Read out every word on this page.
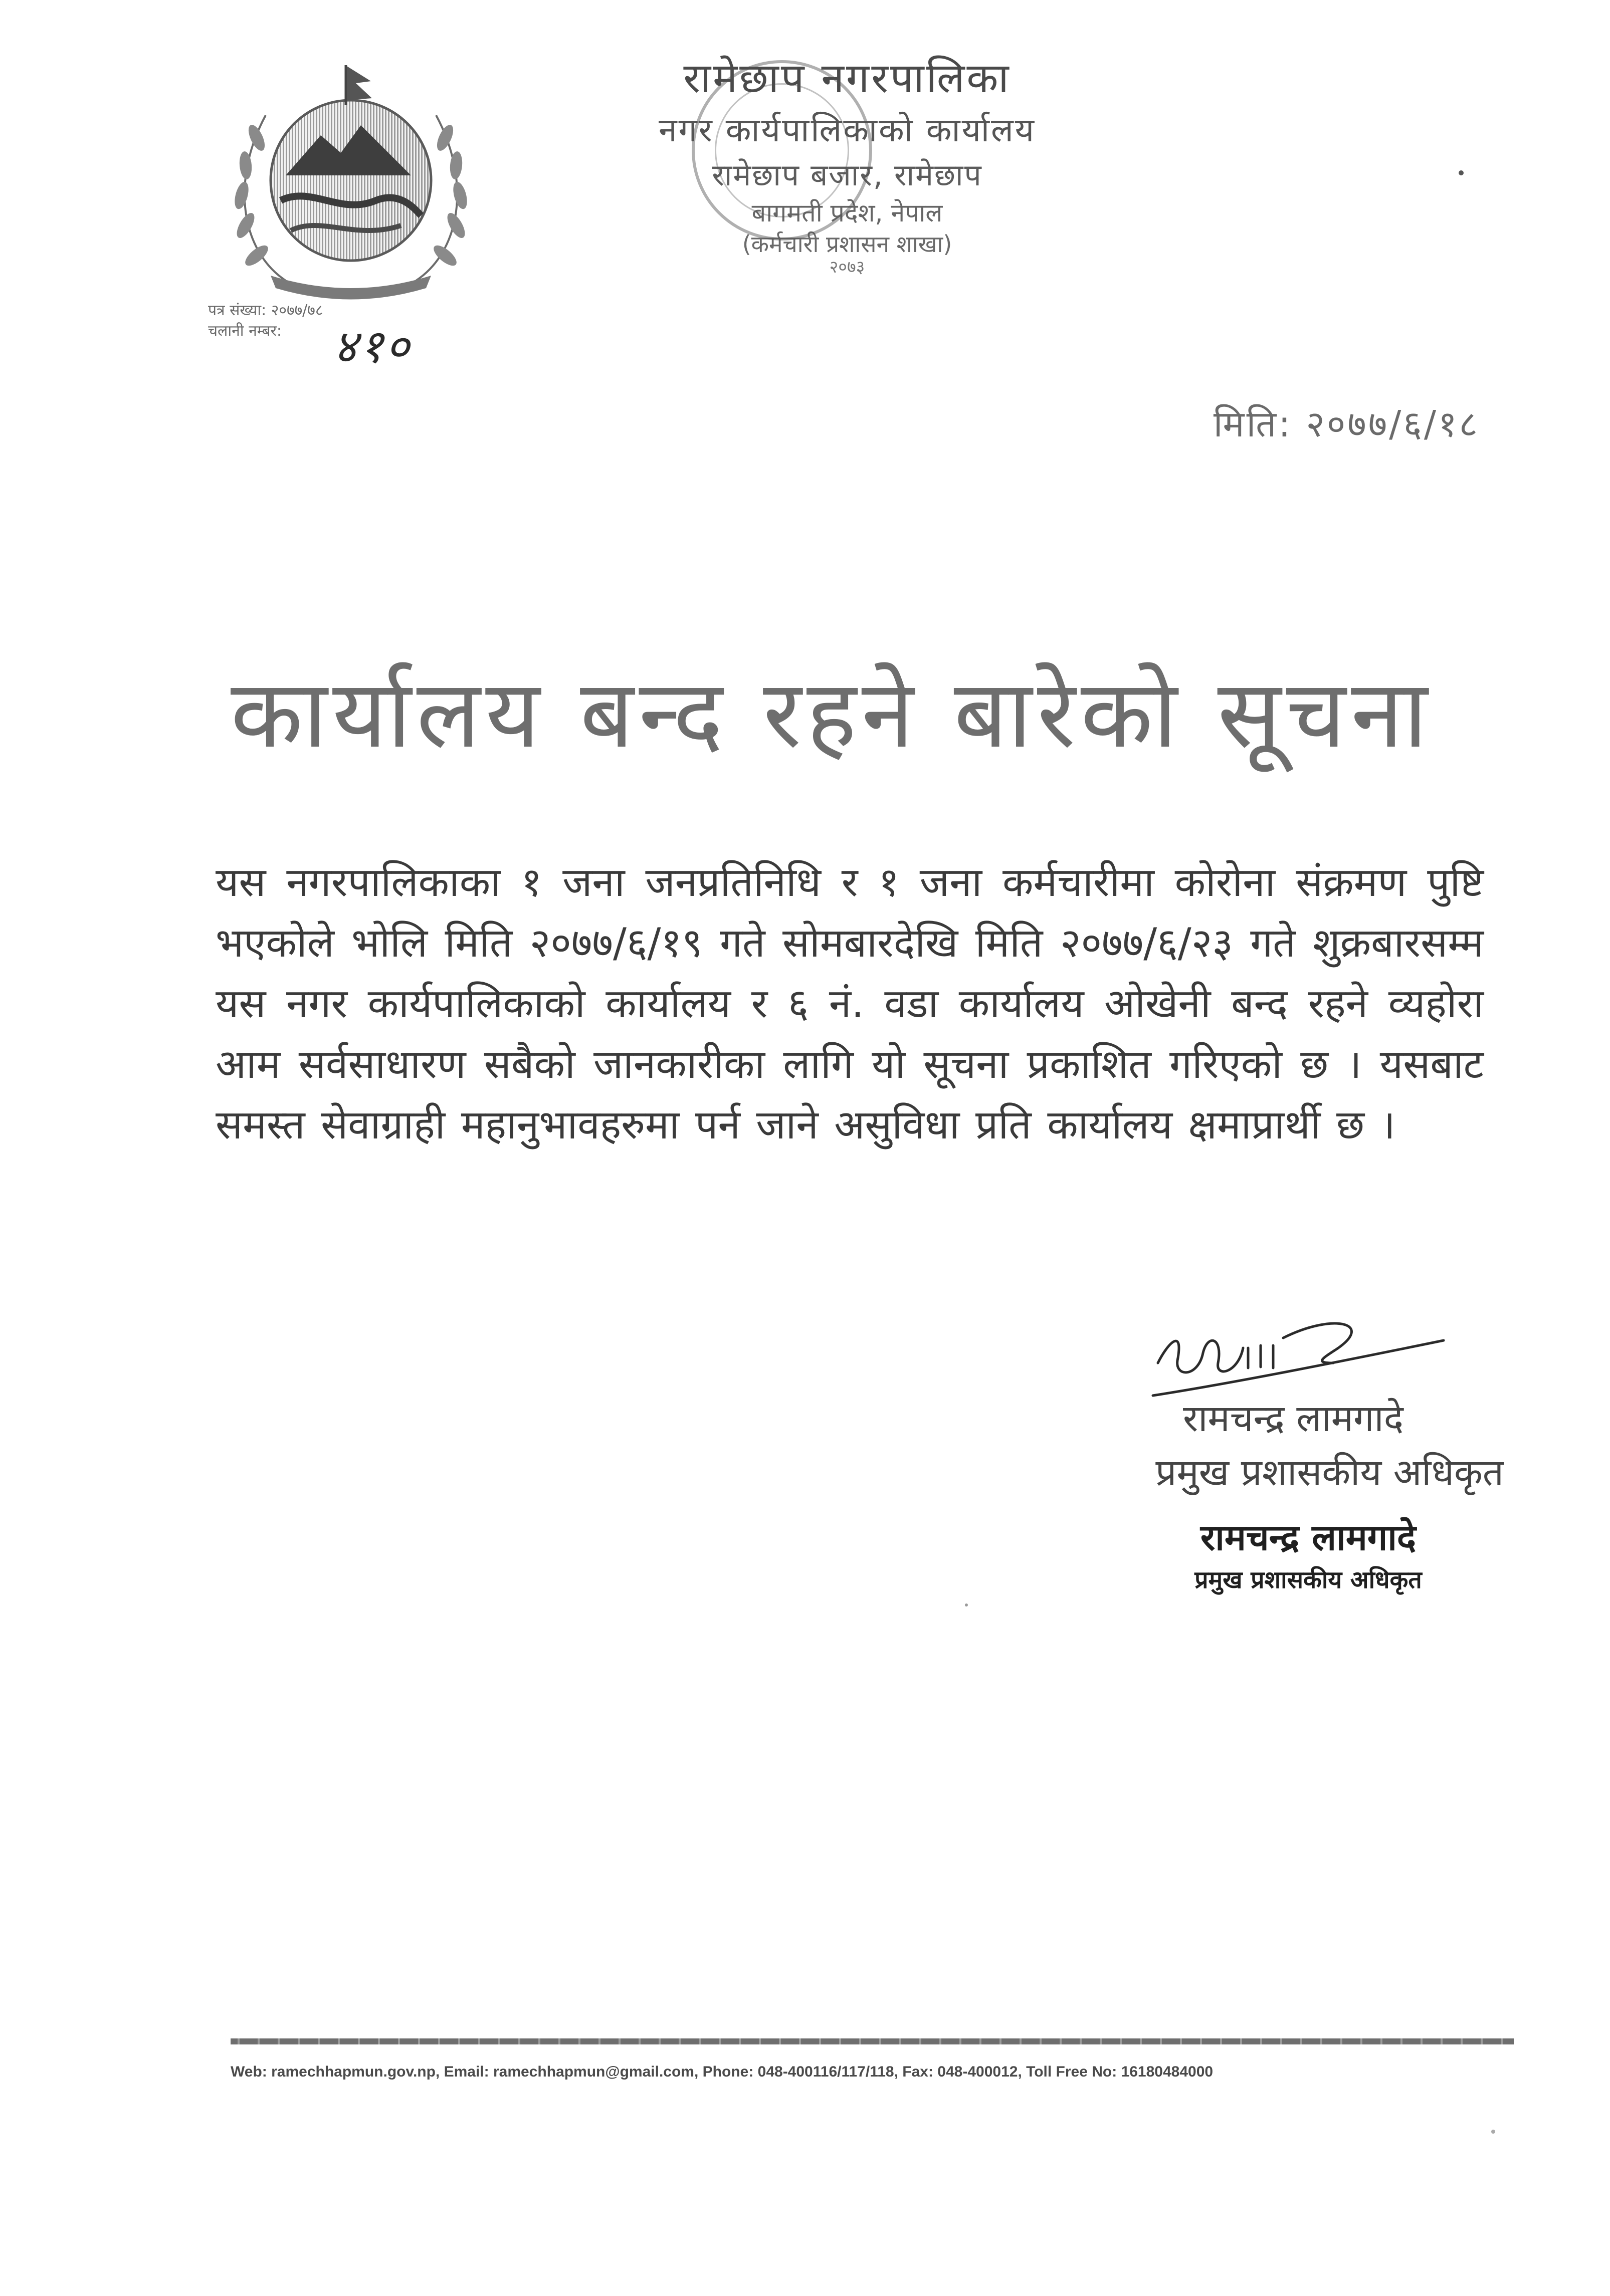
रामेछाप नगरपालिका
नगर कार्यपालिकाको कार्यालय
रामेछाप बजार, रामेछाप
बागमती प्रदेश, नेपाल
(कर्मचारी प्रशासन शाखा)
२०७३
पत्र संख्या: २०७७/७८
चलानी नम्बर:	४१०
मिति: २०७७/६/१८
कार्यालय बन्द रहने बारेको सूचना
यस नगरपालिकाका १ जना जनप्रतिनिधि र १ जना कर्मचारीमा कोरोना संक्रमण पुष्टि भएकोले भोलि मिति २०७७/६/१९ गते सोमबारदेखि मिति २०७७/६/२३ गते शुक्रबारसम्म यस नगर कार्यपालिकाको कार्यालय र ६ नं. वडा कार्यालय ओखेनी बन्द रहने व्यहोरा आम सर्वसाधारण सबैको जानकारीका लागि यो सूचना प्रकाशित गरिएको छ । यसबाट समस्त सेवाग्राही महानुभावहरुमा पर्न जाने असुविधा प्रति कार्यालय क्षमाप्रार्थी छ ।
रामचन्द्र लामगादे
प्रमुख प्रशासकीय अधिकृत
रामचन्द्र लामगादे
प्रमुख प्रशासकीय अधिकृत
Web: ramechhapmun.gov.np, Email: ramechhapmun@gmail.com, Phone: 048-400116/117/118, Fax: 048-400012, Toll Free No: 16180484000
